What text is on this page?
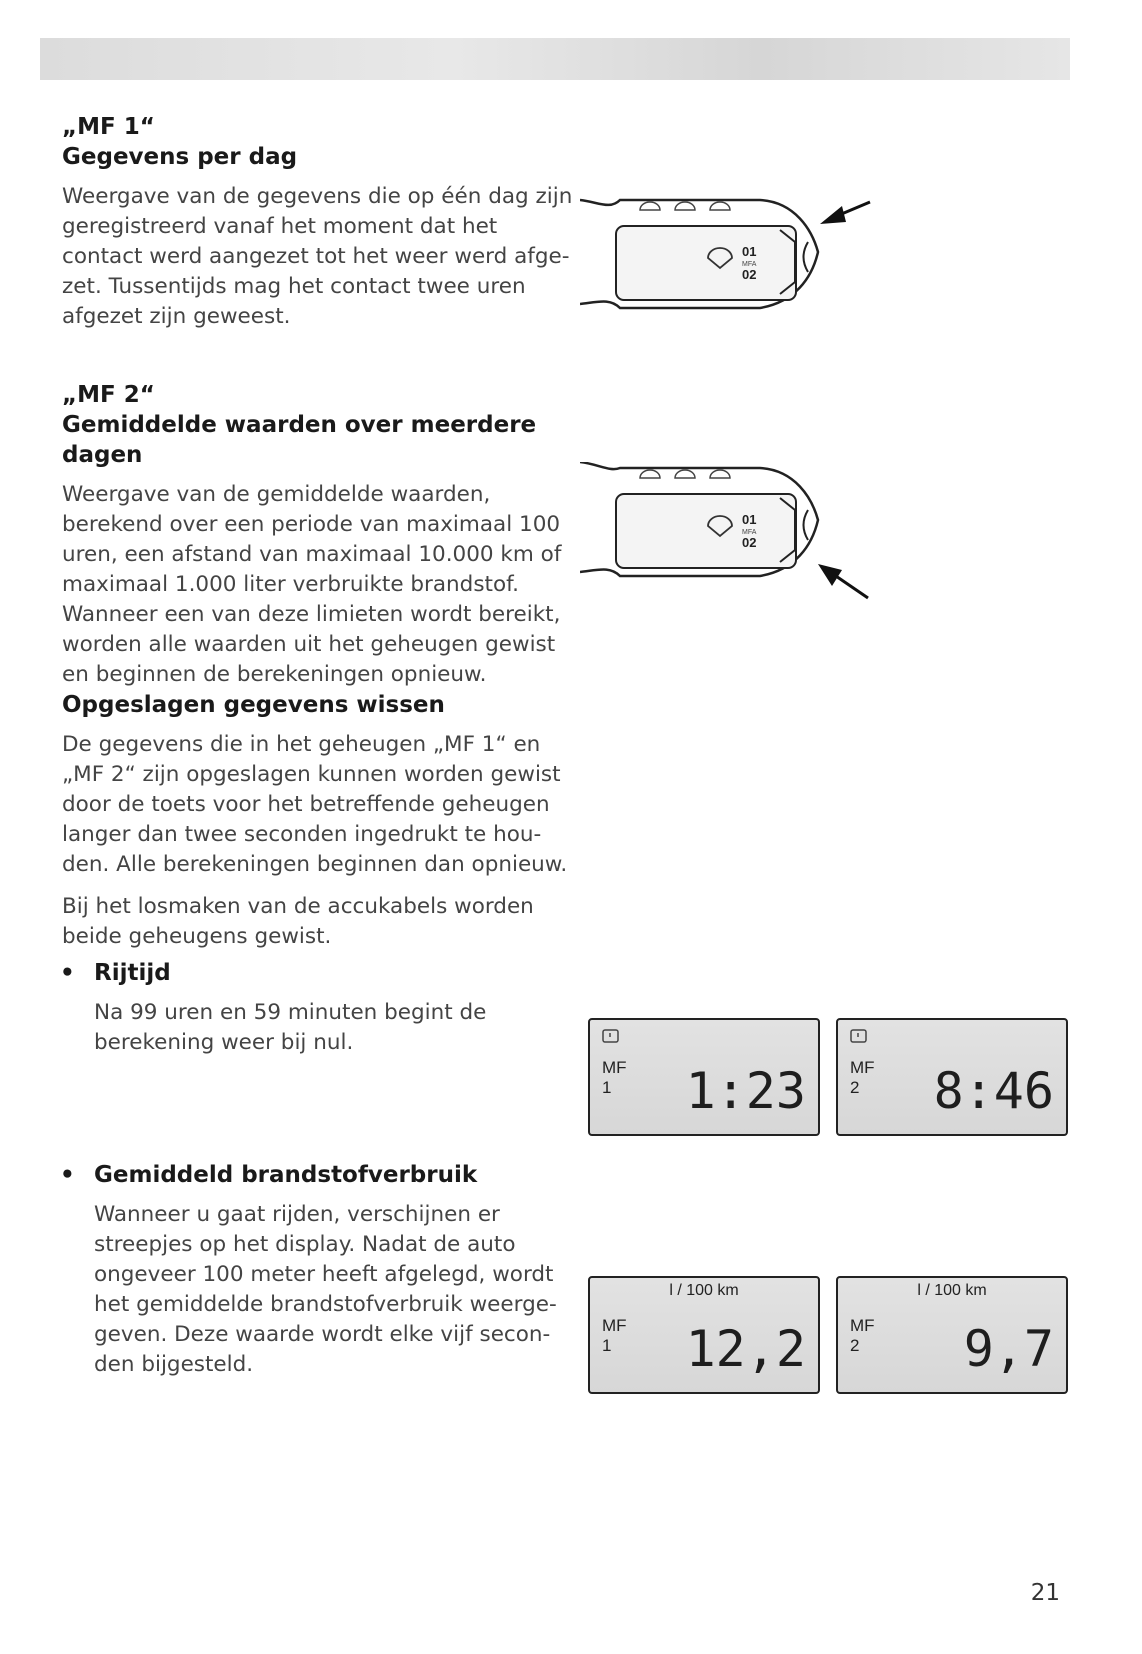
„MF 1“
Gegevens per dag
Weergave van de gegevens die op één dag zijn
geregistreerd vanaf het moment dat het
contact werd aangezet tot het weer werd afge-
zet. Tussentijds mag het contact twee uren
afgezet zijn geweest.
„MF 2“
Gemiddelde waarden over meerdere
dagen
Weergave van de gemiddelde waarden,
berekend over een periode van maximaal 100
uren, een afstand van maximaal 10.000 km of
maximaal 1.000 liter verbruikte brandstof.
Wanneer een van deze limieten wordt bereikt,
worden alle waarden uit het geheugen gewist
en beginnen de berekeningen opnieuw.
Opgeslagen gegevens wissen
De gegevens die in het geheugen „MF 1“ en
„MF 2“ zijn opgeslagen kunnen worden gewist
door de toets voor het betreffende geheugen
langer dan twee seconden ingedrukt te hou-
den. Alle berekeningen beginnen dan opnieuw.
Bij het losmaken van de accukabels worden
beide geheugens gewist.
• Rijtijd
Na 99 uren en 59 minuten begint de
berekening weer bij nul.
• Gemiddeld brandstofverbruik
Wanneer u gaat rijden, verschijnen er
streepjes op het display. Nadat de auto
ongeveer 100 meter heeft afgelegd, wordt
het gemiddelde brandstofverbruik weerge-
geven. Deze waarde wordt elke vijf secon-
den bijgesteld.
01
MFA
02
01
MFA
02
MF
1	1:23	MF
2	8:46
l / 100 km
MF
1	12,2
l / 100 km
MF
2	9,7
21
